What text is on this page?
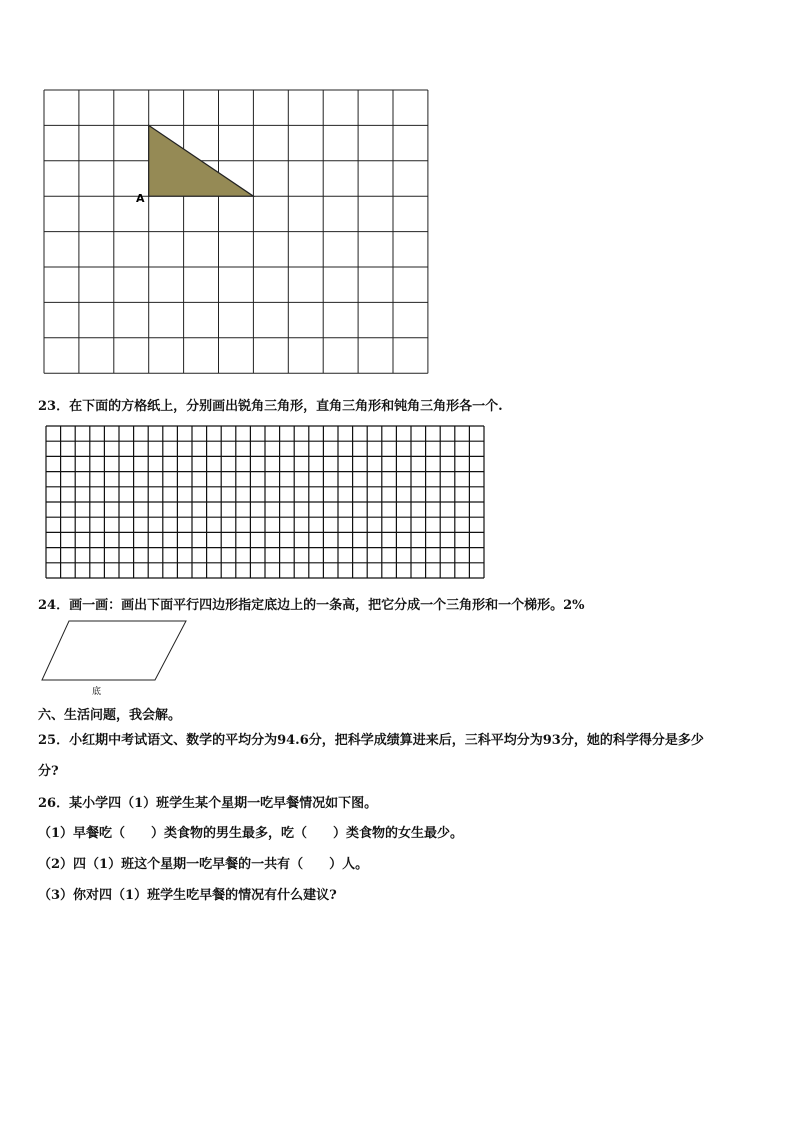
A
23．在下面的方格纸上，分别画出锐角三角形，直角三角形和钝角三角形各一个.
24．画一画：画出下面平行四边形指定底边上的一条高，把它分成一个三角形和一个梯形。2%
底
六、生活问题，我会解。
25．小红期中考试语文、数学的平均分为94.6分，把科学成绩算进来后，三科平均分为93分，她的科学得分是多少
分?
26．某小学四（1）班学生某个星期一吃早餐情况如下图。
（1）早餐吃（　　）类食物的男生最多，吃（　　）类食物的女生最少。
（2）四（1）班这个星期一吃早餐的一共有（　　）人。
（3）你对四（1）班学生吃早餐的情况有什么建议?
